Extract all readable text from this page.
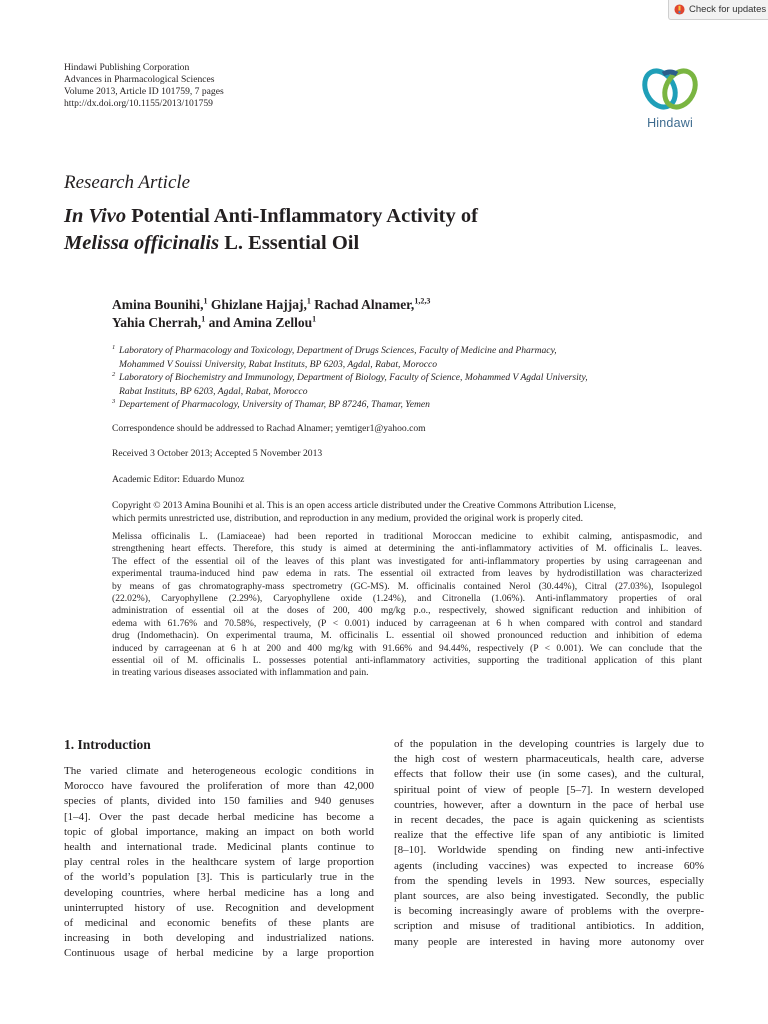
Check for updates
Hindawi Publishing Corporation
Advances in Pharmacological Sciences
Volume 2013, Article ID 101759, 7 pages
http://dx.doi.org/10.1155/2013/101759
Hindawi
Research Article
In Vivo Potential Anti-Inflammatory Activity of
Melissa officinalis L. Essential Oil
Amina Bounihi,$^1$ Ghizlane Hajjaj,$^1$ Rachad Alnamer,$^{1,2,3}$
Yahia Cherrah,$^1$ and Amina Zellou$^1$
1 Laboratory of Pharmacology and Toxicology, Department of Drugs Sciences, Faculty of Medicine and Pharmacy,
Mohammed V Souissi University, Rabat Instituts, BP 6203, Agdal, Rabat, Morocco
2 Laboratory of Biochemistry and Immunology, Department of Biology, Faculty of Science, Mohammed V Agdal University,
Rabat Instituts, BP 6203, Agdal, Rabat, Morocco
3 Departement of Pharmacology, University of Thamar, BP 87246, Thamar, Yemen
Correspondence should be addressed to Rachad Alnamer; yemtiger1@yahoo.com
Received 3 October 2013; Accepted 5 November 2013
Academic Editor: Eduardo Munoz
Copyright © 2013 Amina Bounihi et al. This is an open access article distributed under the Creative Commons Attribution License,
which permits unrestricted use, distribution, and reproduction in any medium, provided the original work is properly cited.
Melissa officinalis L. (Lamiaceae) had been reported in traditional Moroccan medicine to exhibit calming, antispasmodic, and
strengthening heart effects. Therefore, this study is aimed at determining the anti-inflammatory activities of M. officinalis L. leaves.
The effect of the essential oil of the leaves of this plant was investigated for anti-inflammatory properties by using carrageenan and
experimental trauma-induced hind paw edema in rats. The essential oil extracted from leaves by hydrodistillation was characterized
by means of gas chromatography-mass spectrometry (GC-MS). M. officinalis contained Nerol (30.44%), Citral (27.03%), Isopulegol
(22.02%), Caryophyllene (2.29%), Caryophyllene oxide (1.24%), and Citronella (1.06%). Anti-inflammatory properties of oral
administration of essential oil at the doses of 200, 400 mg/kg p.o., respectively, showed significant reduction and inhibition of
edema with 61.76% and 70.58%, respectively, (P < 0.001) induced by carrageenan at 6 h when compared with control and standard
drug (Indomethacin). On experimental trauma, M. officinalis L. essential oil showed pronounced reduction and inhibition of edema
induced by carrageenan at 6 h at 200 and 400 mg/kg with 91.66% and 94.44%, respectively (P < 0.001). We can conclude that the
essential oil of M. officinalis L. possesses potential anti-inflammatory activities, supporting the traditional application of this plant
in treating various diseases associated with inflammation and pain.
1. Introduction
The varied climate and heterogeneous ecologic conditions in
Morocco have favoured the proliferation of more than 42,000
species of plants, divided into 150 families and 940 genuses
[1–4]. Over the past decade herbal medicine has become a
topic of global importance, making an impact on both world
health and international trade. Medicinal plants continue to
play central roles in the healthcare system of large proportion
of the world’s population [3]. This is particularly true in the
developing countries, where herbal medicine has a long and
uninterrupted history of use. Recognition and development
of medicinal and economic benefits of these plants are
increasing in both developing and industrialized nations.
Continuous usage of herbal medicine by a large proportion
of the population in the developing countries is largely due to
the high cost of western pharmaceuticals, health care, adverse
effects that follow their use (in some cases), and the cultural,
spiritual point of view of people [5–7]. In western developed
countries, however, after a downturn in the pace of herbal use
in recent decades, the pace is again quickening as scientists
realize that the effective life span of any antibiotic is limited
[8–10]. Worldwide spending on finding new anti-infective
agents (including vaccines) was expected to increase 60%
from the spending levels in 1993. New sources, especially
plant sources, are also being investigated. Secondly, the public
is becoming increasingly aware of problems with the overpre-
scription and misuse of traditional antibiotics. In addition,
many people are interested in having more autonomy over
